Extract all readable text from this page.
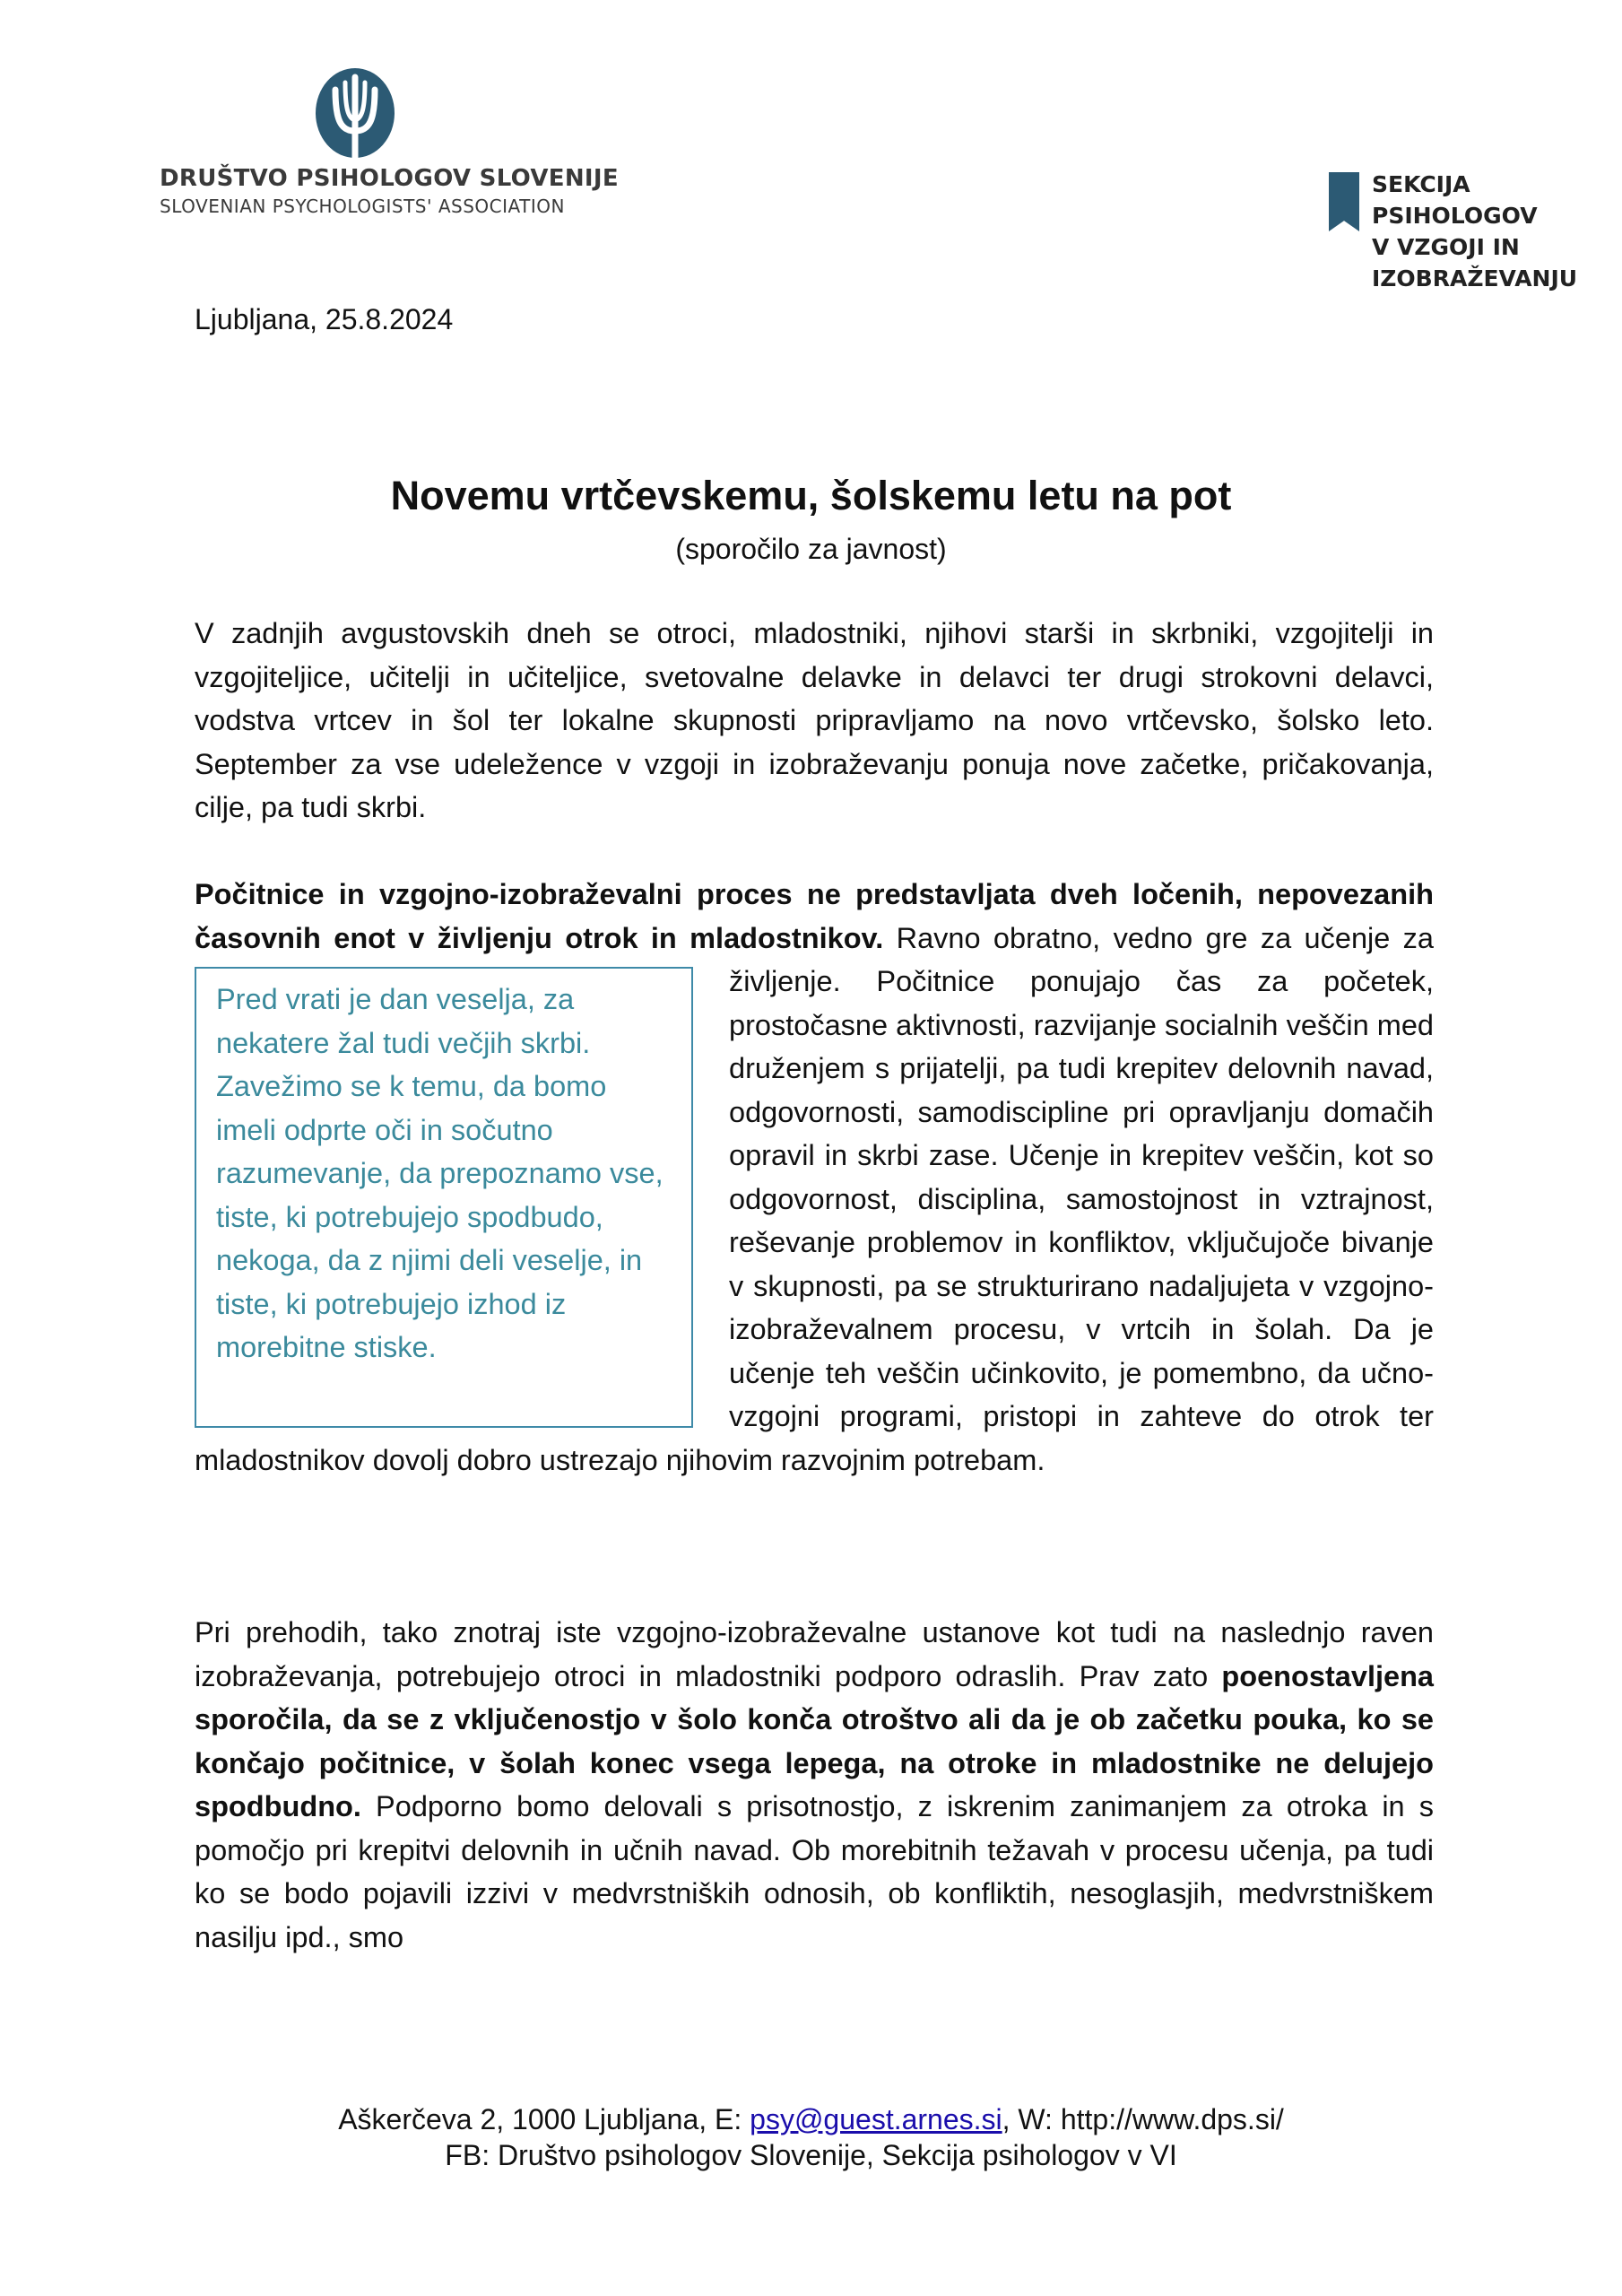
DRUŠTVO PSIHOLOGOV SLOVENIJE
SLOVENIAN PSYCHOLOGISTS' ASSOCIATION
SEKCIJA
PSIHOLOGOV
V VZGOJI IN
IZOBRAŽEVANJU
Ljubljana, 25.8.2024
Novemu vrtčevskemu, šolskemu letu na pot
(sporočilo za javnost)
V zadnjih avgustovskih dneh se otroci, mladostniki, njihovi starši in skrbniki, vzgojitelji in vzgojiteljice, učitelji in učiteljice, svetovalne delavke in delavci ter drugi strokovni delavci, vodstva vrtcev in šol ter lokalne skupnosti pripravljamo na novo vrtčevsko, šolsko leto. September za vse udeležence v vzgoji in izobraževanju ponuja nove začetke, pričakovanja, cilje, pa tudi skrbi.
Počitnice in vzgojno-izobraževalni proces ne predstavljata dveh ločenih, nepovezanih časovnih enot v življenju otrok in mladostnikov. Ravno obratno,
Pred vrati je dan veselja, za nekatere žal tudi večjih skrbi. Zavežimo se k temu, da bomo imeli odprte oči in sočutno razumevanje, da prepoznamo vse, tiste, ki potrebujejo spodbudo, nekoga, da z njimi deli veselje, in tiste, ki potrebujejo izhod iz morebitne stiske.
vedno gre za učenje za življenje. Počitnice ponujajo čas za početek, prostočasne aktivnosti, razvijanje socialnih veščin med druženjem s prijatelji, pa tudi krepitev delovnih navad, odgovornosti, samodiscipline pri opravljanju domačih opravil in skrbi zase. Učenje in krepitev veščin, kot so odgovornost, disciplina, samostojnost in vztrajnost, reševanje problemov in konfliktov, vključujoče bivanje v skupnosti, pa se strukturirano nadaljujeta v vzgojno-izobraževalnem procesu, v vrtcih in šolah. Da je učenje teh veščin učinkovito, je pomembno, da učno-vzgojni programi, pristopi in zahteve do otrok ter mladostnikov dovolj dobro ustrezajo njihovim razvojnim potrebam.
Pri prehodih, tako znotraj iste vzgojno-izobraževalne ustanove kot tudi na naslednjo raven izobraževanja, potrebujejo otroci in mladostniki podporo odraslih. Prav zato poenostavljena sporočila, da se z vključenostjo v šolo konča otroštvo ali da je ob začetku pouka, ko se končajo počitnice, v šolah konec vsega lepega, na otroke in mladostnike ne delujejo spodbudno. Podporno bomo delovali s prisotnostjo, z iskrenim zanimanjem za otroka in s pomočjo pri krepitvi delovnih in učnih navad. Ob morebitnih težavah v procesu učenja, pa tudi ko se bodo pojavili izzivi v medvrstniških odnosih, ob konfliktih, nesoglasjih, medvrstniškem nasilju ipd., smo
Aškerčeva 2, 1000 Ljubljana, E: psy@guest.arnes.si, W: http://www.dps.si/
FB: Društvo psihologov Slovenije, Sekcija psihologov v VI
